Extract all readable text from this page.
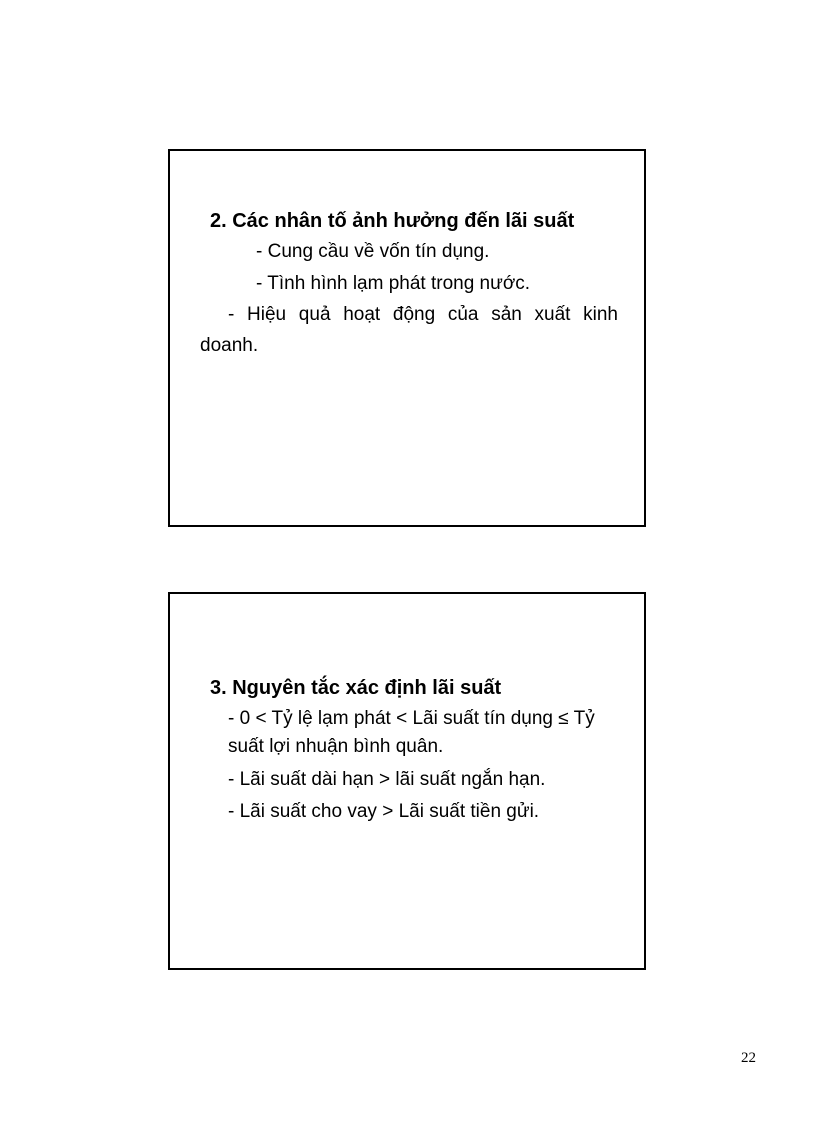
2. Các nhân tố ảnh hưởng đến lãi suất
- Cung cầu về vốn tín dụng.
- Tình hình lạm phát trong nước.
- Hiệu quả hoạt động của sản xuất kinh doanh.
3. Nguyên tắc xác định lãi suất
- 0 < Tỷ lệ lạm phát < Lãi suất tín dụng ≤ Tỷ suất lợi nhuận bình quân.
- Lãi suất dài hạn > lãi suất ngắn hạn.
- Lãi suất cho vay > Lãi suất tiền gửi.
22
